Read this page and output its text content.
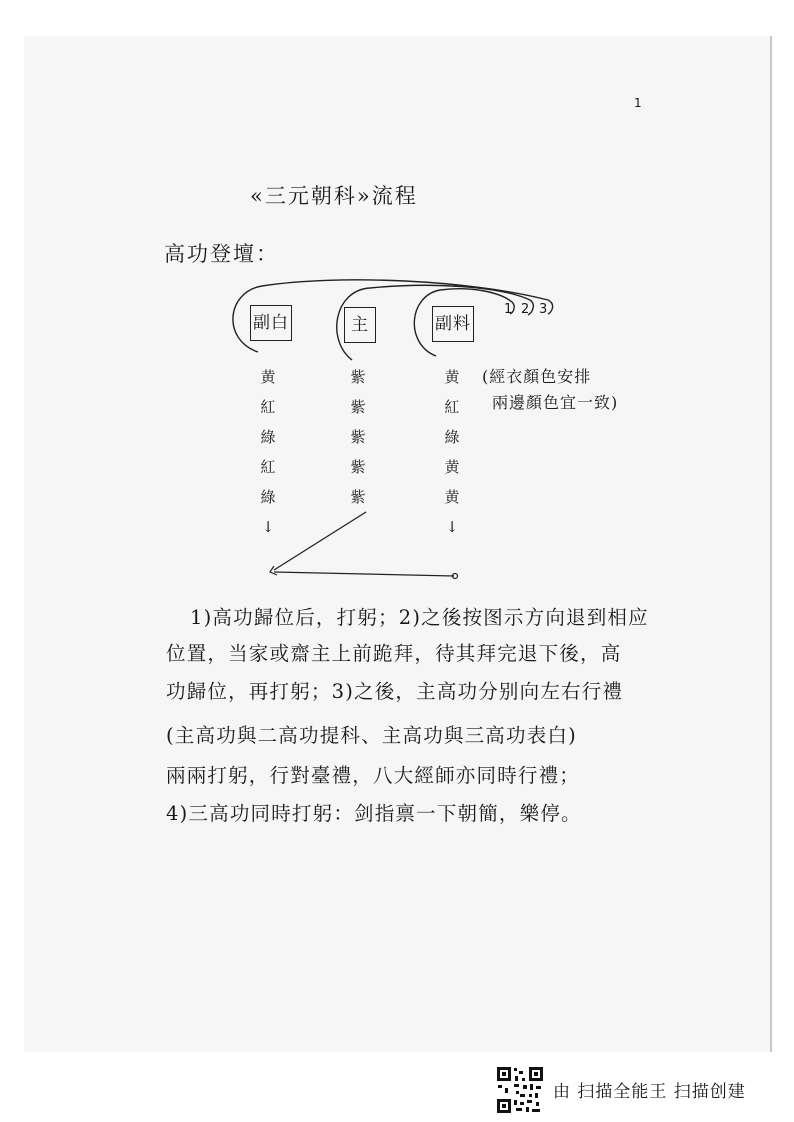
1
«三元朝科»流程
高功登壇：
副白	主	副料
1 2 3
黄
紅
綠
紅
綠
↓
紫
紫
紫
紫
紫
黄
紅
綠
黄
黄
↓
(經衣顏色安排
兩邊顏色宜一致)
1)高功歸位后，打躬；2)之後按图示方向退到相应
位置，当家或齋主上前跪拜，待其拜完退下後，高
功歸位，再打躬；3)之後，主高功分别向左右行禮
(主高功與二高功提科、主高功與三高功表白)
兩兩打躬，行對臺禮，八大經師亦同時行禮；
4)三高功同時打躬：剑指禀一下朝簡，樂停。
由 扫描全能王 扫描创建
